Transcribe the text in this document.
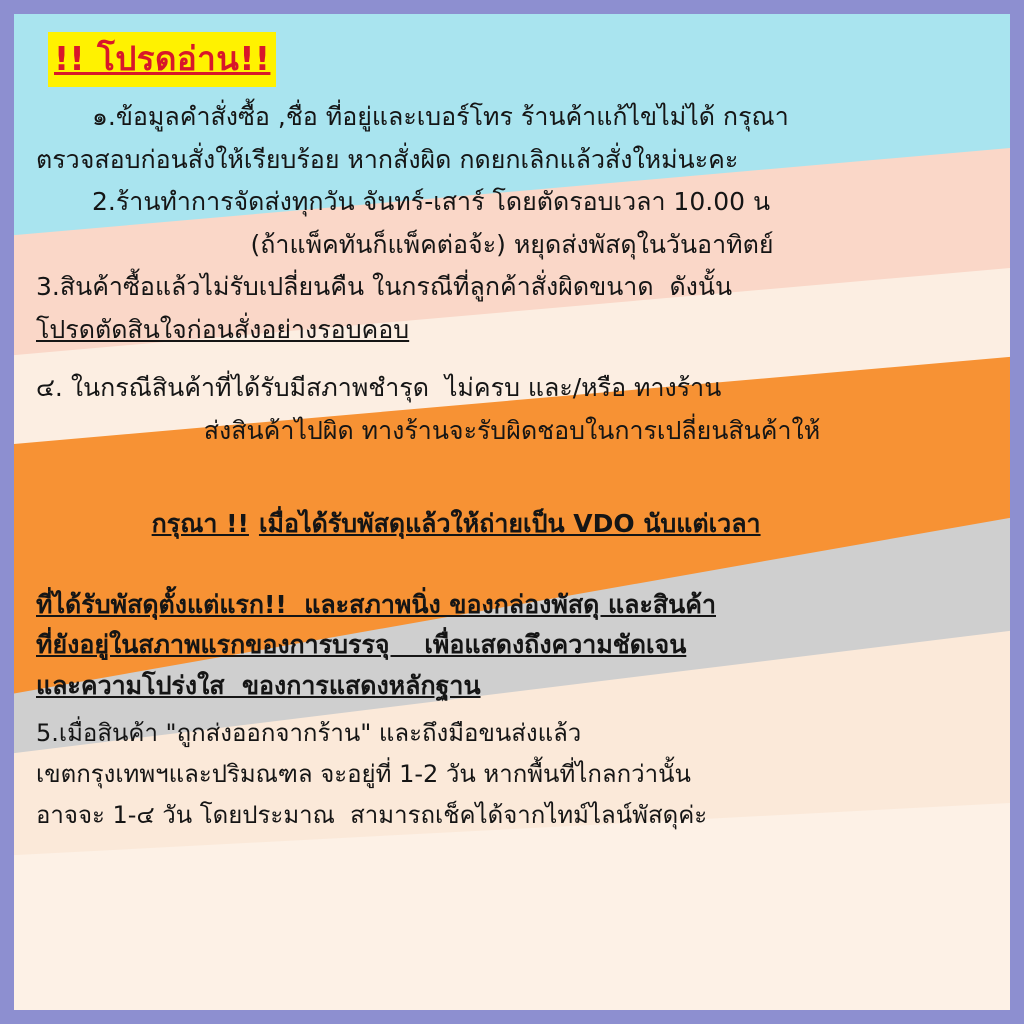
!! โปรดอ่าน!!

๑.ข้อมูลคำสั่งซื้อ ,ชื่อ ที่อยู่และเบอร์โทร ร้านค้าแก้ไขไม่ได้ กรุณา

ตรวจสอบก่อนสั่งให้เรียบร้อย หากสั่งผิด กดยกเลิกแล้วสั่งใหม่นะคะ

2.ร้านทำการจัดส่งทุกวัน จันทร์-เสาร์ โดยตัดรอบเวลา 10.00 น

(ถ้าแพ็คทันก็แพ็คต่อจ้ะ) หยุดส่งพัสดุในวันอาทิตย์

3.สินค้าซื้อแล้วไม่รับเปลี่ยนคืน ในกรณีที่ลูกค้าสั่งผิดขนาด  ดังนั้น

โปรดตัดสินใจก่อนสั่งอย่างรอบคอบ

๔. ในกรณีสินค้าที่ได้รับมีสภาพชำรุด  ไม่ครบ และ/หรือ ทางร้าน

ส่งสินค้าไปผิด ทางร้านจะรับผิดชอบในการเปลี่ยนสินค้าให้

กรุณา !! เมื่อได้รับพัสดุแล้วให้ถ่ายเป็น VDO นับแต่เวลา

ที่ได้รับพัสดุตั้งแต่แรก!!  และสภาพนิ่ง ของกล่องพัสดุ และสินค้า

ที่ยังอยู่ในสภาพแรกของการบรรจุ    เพื่อแสดงถึงความชัดเจน

และความโปร่งใส  ของการแสดงหลักฐาน

5.เมื่อสินค้า "ถูกส่งออกจากร้าน" และถึงมือขนส่งแล้ว

เขตกรุงเทพฯและปริมณฑล จะอยู่ที่ 1-2 วัน หากพื้นที่ไกลกว่านั้น

อาจจะ 1-๔ วัน โดยประมาณ  สามารถเช็คได้จากไทม์ไลน์พัสดุค่ะ
